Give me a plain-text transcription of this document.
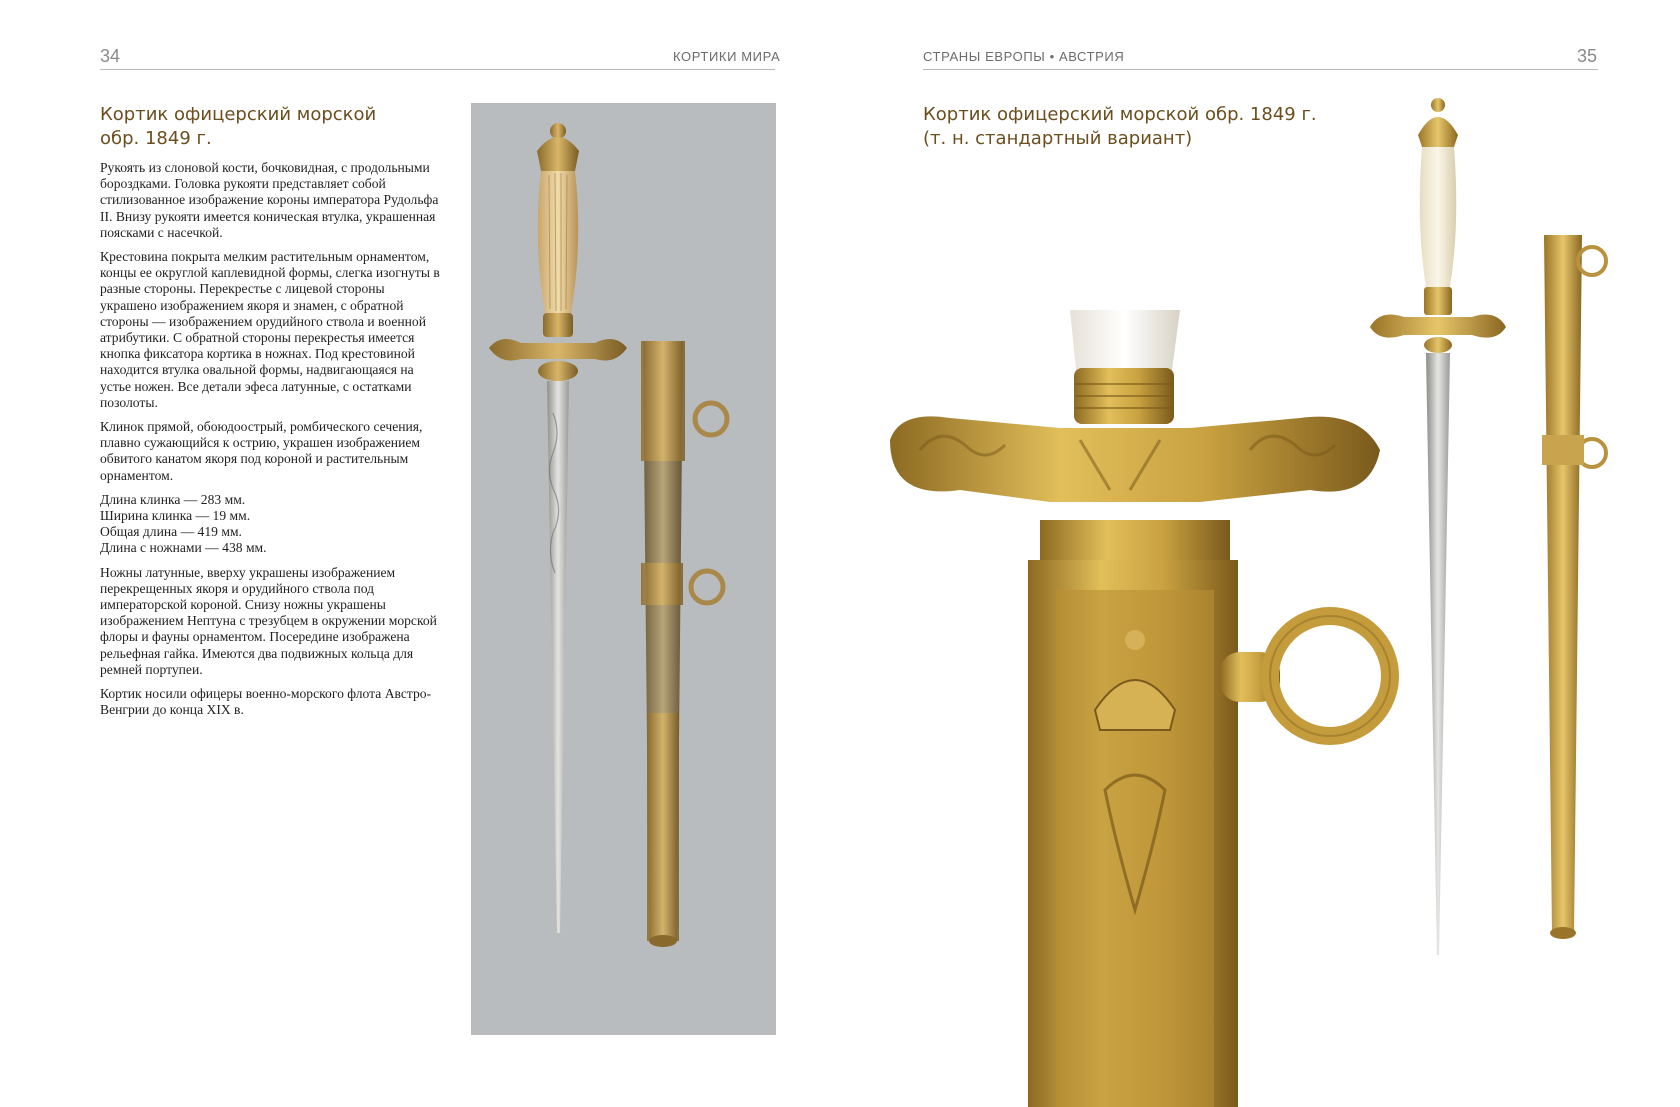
34	КОРТИКИ МИРА	СТРАНЫ ЕВРОПЫ • АВСТРИЯ	35
Кортик офицерский морской
обр. 1849 г.

Рукоять из слоновой кости, бочковидная, с продольными бороздками. Головка рукояти представляет собой стилизованное изображение короны императора Рудольфа II. Внизу рукояти имеется коническая втулка, украшенная поясками с насечкой.

Крестовина покрыта мелким растительным орнаментом, концы ее округлой каплевидной формы, слегка изогнуты в разные стороны. Перекрестье с лицевой стороны украшено изображением якоря и знамен, с обратной стороны — изображением орудийного ствола и военной атрибутики. С обратной стороны перекрестья имеется кнопка фиксатора кортика в ножнах. Под крестовиной находится втулка овальной формы, надвигающаяся на устье ножен. Все детали эфеса латунные, с остатками позолоты.

Клинок прямой, обоюдоострый, ромбического сечения, плавно сужающийся к острию, украшен изображением обвитого канатом якоря под короной и растительным орнаментом.

Длина клинка — 283 мм.
Ширина клинка — 19 мм.
Общая длина — 419 мм.
Длина с ножнами — 438 мм.

Ножны латунные, вверху украшены изображением перекрещенных якоря и орудийного ствола под императорской короной. Снизу ножны украшены изображением Нептуна с трезубцем в окружении морской флоры и фауны орнаментом. Посередине изображена рельефная гайка. Имеются два подвижных кольца для ремней портупеи.

Кортик носили офицеры военно-морского флота Австро-Венгрии до конца XIX в.

Кортик офицерский морской обр. 1849 г.
(т. н. стандартный вариант)
